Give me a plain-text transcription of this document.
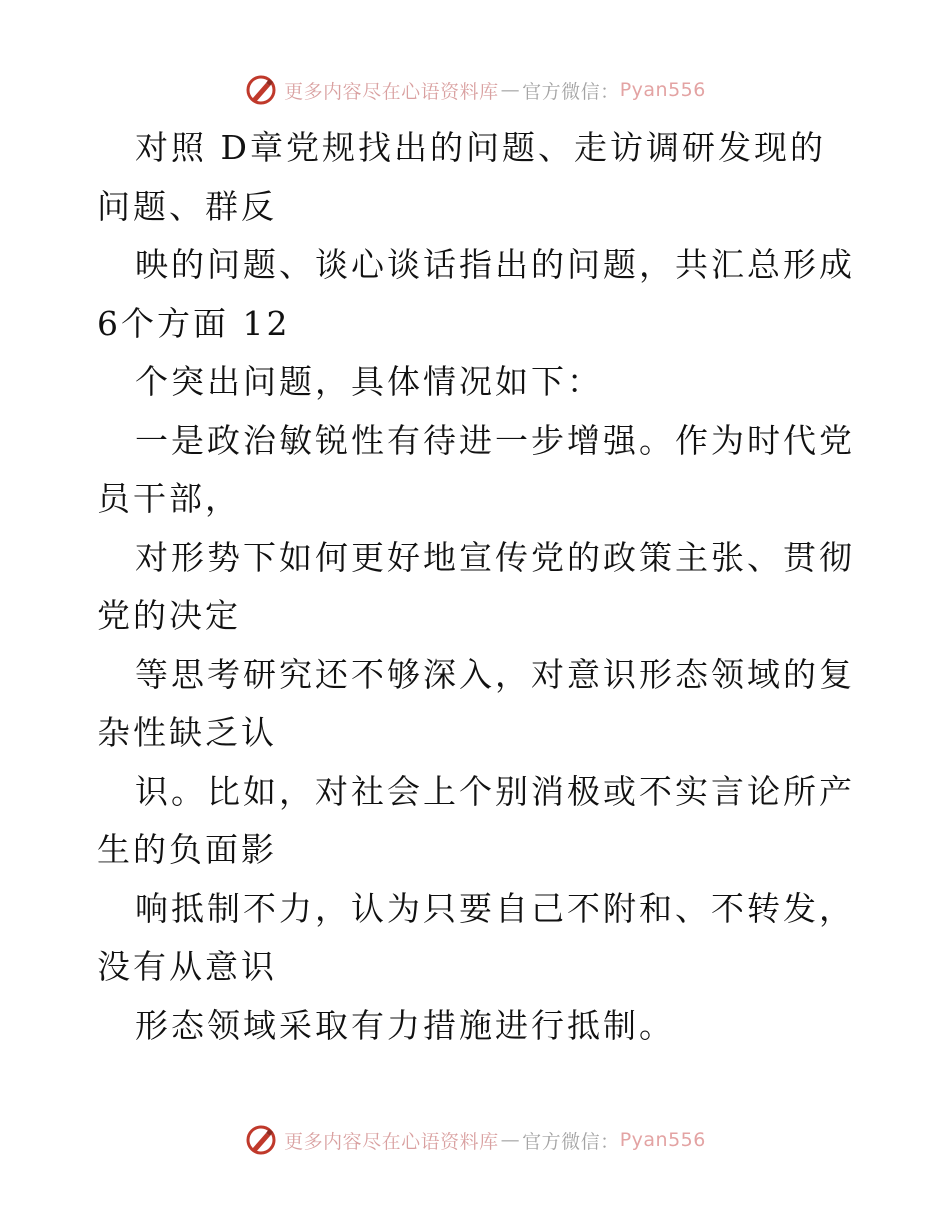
更多内容尽在心语资料库 — 官方微信： Pyan556

对照 D章党规找出的问题、走访调研发现的问题、群反

映的问题、谈心谈话指出的问题，共汇总形成 6个方面 12

个突出问题，具体情况如下：

一是政治敏锐性有待进一步增强。作为时代党员干部，

对形势下如何更好地宣传党的政策主张、贯彻党的决定

等思考研究还不够深入，对意识形态领域的复杂性缺乏认

识。比如，对社会上个别消极或不实言论所产生的负面影

响抵制不力，认为只要自己不附和、不转发，没有从意识

形态领域采取有力措施进行抵制。

更多内容尽在心语资料库 — 官方微信： Pyan556
